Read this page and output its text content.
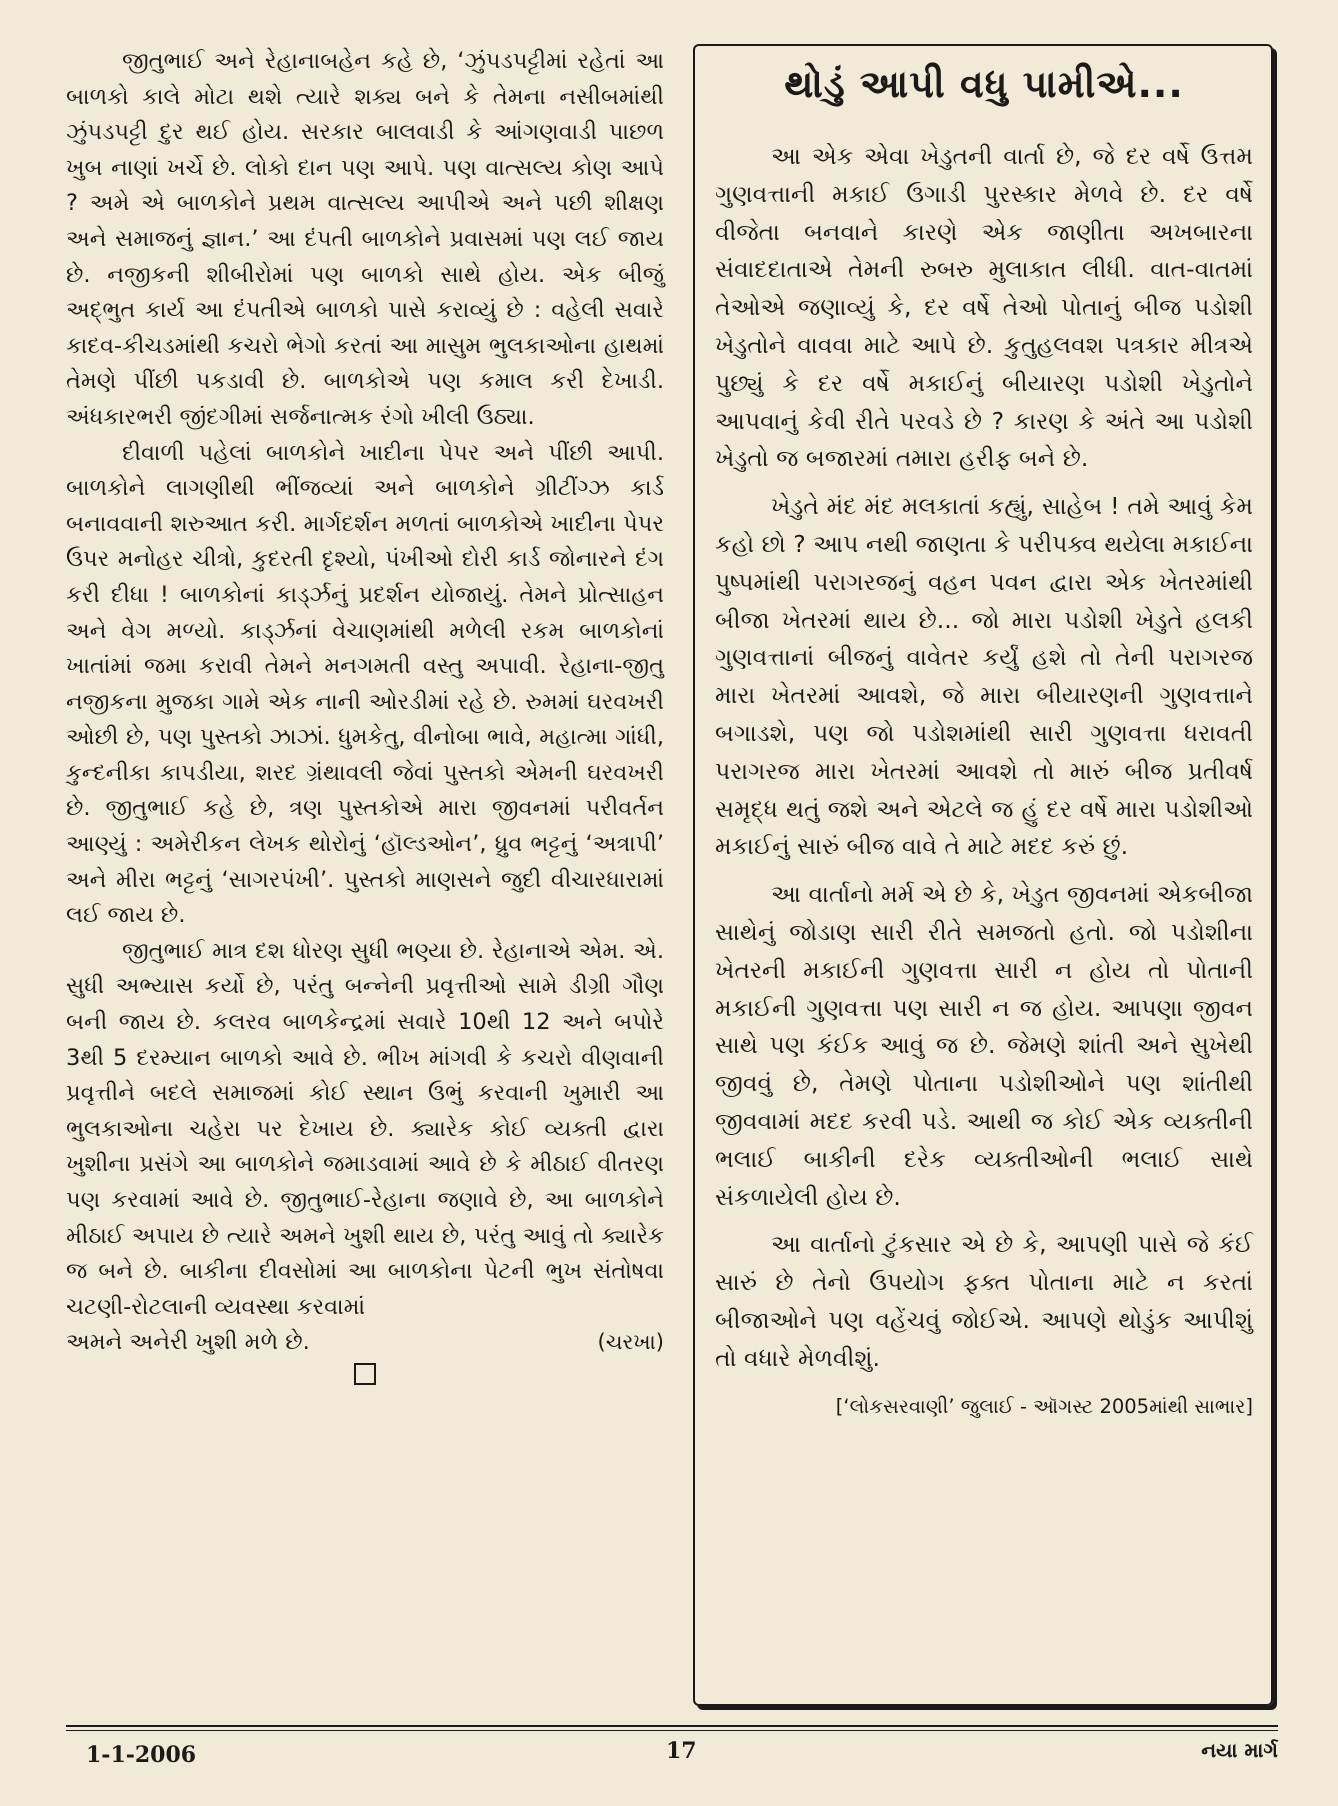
જીતુભાઈ અને રેહાનાબહેન કહે છે, ‘ઝુંપડપટ્ટીમાં રહેતાં આ બાળકો કાલે મોટા થશે ત્યારે શક્ય બને કે તેમના નસીબમાંથી ઝુંપડપટ્ટી દુર થઈ હોય. સરકાર બાલવાડી કે આંગણવાડી પાછળ ખુબ નાણાં ખર્ચે છે. લોકો દાન પણ આપે. પણ વાત્સલ્ય કોણ આપે ? અમે એ બાળકોને પ્રથમ વાત્સલ્ય આપીએ અને પછી શીક્ષણ અને સમાજનું જ્ઞાન.’ આ દંપતી બાળકોને પ્રવાસમાં પણ લઈ જાય છે. નજીકની શીબીરોમાં પણ બાળકો સાથે હોય. એક બીજું અદ્ભુત કાર્ય આ દંપતીએ બાળકો પાસે કરાવ્યું છે : વહેલી સવારે કાદવ-કીચડમાંથી કચરો ભેગો કરતાં આ માસુમ ભુલકાઓના હાથમાં તેમણે પીંછી પકડાવી છે. બાળકોએ પણ કમાલ કરી દેખાડી. અંધકારભરી જીંદગીમાં સર્જનાત્મક રંગો ખીલી ઉઠ્યા.

દીવાળી પહેલાં બાળકોને ખાદીના પેપર અને પીંછી આપી. બાળકોને લાગણીથી ભીંજવ્યાં અને બાળકોને ગ્રીટીંગ્ઝ કાર્ડ બનાવવાની શરુઆત કરી. માર્ગદર્શન મળતાં બાળકોએ ખાદીના પેપર ઉપર મનોહર ચીત્રો, કુદરતી દૃશ્યો, પંખીઓ દોરી કાર્ડ જોનારને દંગ કરી દીધા ! બાળકોનાં કાર્ડ્ઝનું પ્રદર્શન યોજાયું. તેમને પ્રોત્સાહન અને વેગ મળ્યો. કાર્ડ્ઝનાં વેચાણમાંથી મળેલી રકમ બાળકોનાં ખાતાંમાં જમા કરાવી તેમને મનગમતી વસ્તુ અપાવી. રેહાના-જીતુ નજીકના મુજકા ગામે એક નાની ઓરડીમાં રહે છે. રુમમાં ઘરવખરી ઓછી છે, પણ પુસ્તકો ઝાઝાં. ધુમકેતુ, વીનોબા ભાવે, મહાત્મા ગાંધી, કુન્દનીકા કાપડીયા, શરદ ગ્રંથાવલી જેવાં પુસ્તકો એમની ઘરવખરી છે. જીતુભાઈ કહે છે, ત્રણ પુસ્તકોએ મારા જીવનમાં પરીવર્તન આણ્યું : અમેરીકન લેખક થોરોનું ‘હૉલ્ડઓન’, ધ્રુવ ભટ્ટનું ‘અત્રાપી’ અને મીરા ભટ્ટનું ‘સાગરપંખી’. પુસ્તકો માણસને જુદી વીચારધારામાં લઈ જાય છે.

જીતુભાઈ માત્ર દશ ધોરણ સુધી ભણ્યા છે. રેહાનાએ એમ. એ. સુધી અભ્યાસ કર્યો છે, પરંતુ બન્નેની પ્રવૃત્તીઓ સામે ડીગ્રી ગૌણ બની જાય છે. કલરવ બાળકેન્દ્રમાં સવારે 10થી 12 અને બપોરે 3થી 5 દરમ્યાન બાળકો આવે છે. ભીખ માંગવી કે કચરો વીણવાની પ્રવૃત્તીને બદલે સમાજમાં કોઈ સ્થાન ઉભું કરવાની ખુમારી આ ભુલકાઓના ચહેરા પર દેખાય છે. ક્યારેક કોઈ વ્યક્તી દ્વારા ખુશીના પ્રસંગે આ બાળકોને જમાડવામાં આવે છે કે મીઠાઈ વીતરણ પણ કરવામાં આવે છે. જીતુભાઈ-રેહાના જણાવે છે, આ બાળકોને મીઠાઈ અપાય છે ત્યારે અમને ખુશી થાય છે, પરંતુ આવું તો ક્યારેક જ બને છે. બાકીના દીવસોમાં આ બાળકોના પેટની ભુખ સંતોષવા ચટણી-રોટલાની વ્યવસ્થા કરવામાં

અમને અનેરી ખુશી મળે છે.	(ચરખા)
થોડું આપી વધુ પામીએ...

આ એક એવા ખેડુતની વાર્તા છે, જે દર વર્ષે ઉત્તમ ગુણવત્તાની મકાઈ ઉગાડી પુરસ્કાર મેળવે છે. દર વર્ષે વીજેતા બનવાને કારણે એક જાણીતા અખબારના સંવાદદાતાએ તેમની રુબરુ મુલાકાત લીધી. વાત-વાતમાં તેઓએ જણાવ્યું કે, દર વર્ષે તેઓ પોતાનું બીજ પડોશી ખેડુતોને વાવવા માટે આપે છે. કુતુહલવશ પત્રકાર મીત્રએ પુછ્યું કે દર વર્ષે મકાઈનું બીયારણ પડોશી ખેડુતોને આપવાનું કેવી રીતે પરવડે છે ? કારણ કે અંતે આ પડોશી ખેડુતો જ બજારમાં તમારા હરીફ બને છે.

ખેડુતે મંદ મંદ મલકાતાં કહ્યું, સાહેબ ! તમે આવું કેમ કહો છો ? આપ નથી જાણતા કે પરીપક્વ થયેલા મકાઈના પુષ્પમાંથી પરાગરજનું વહન પવન દ્વારા એક ખેતરમાંથી બીજા ખેતરમાં થાય છે... જો મારા પડોશી ખેડુતે હલકી ગુણવત્તાનાં બીજનું વાવેતર કર્યું હશે તો તેની પરાગરજ મારા ખેતરમાં આવશે, જે મારા બીયારણની ગુણવત્તાને બગાડશે, પણ જો પડોશમાંથી સારી ગુણવત્તા ધરાવતી પરાગરજ મારા ખેતરમાં આવશે તો મારું બીજ પ્રતીવર્ષ સમૃદ્ધ થતું જશે અને એટલે જ હું દર વર્ષે મારા પડોશીઓ મકાઈનું સારું બીજ વાવે તે માટે મદદ કરું છું.

આ વાર્તાનો મર્મ એ છે કે, ખેડુત જીવનમાં એકબીજા સાથેનું જોડાણ સારી રીતે સમજતો હતો. જો પડોશીના ખેતરની મકાઈની ગુણવત્તા સારી ન હોય તો પોતાની મકાઈની ગુણવત્તા પણ સારી ન જ હોય. આપણા જીવન સાથે પણ કંઈક આવું જ છે. જેમણે શાંતી અને સુખેથી જીવવું છે, તેમણે પોતાના પડોશીઓને પણ શાંતીથી જીવવામાં મદદ કરવી પડે. આથી જ કોઈ એક વ્યક્તીની ભલાઈ બાકીની દરેક વ્યક્તીઓની ભલાઈ સાથે સંકળાયેલી હોય છે.

આ વાર્તાનો ટુંકસાર એ છે કે, આપણી પાસે જે કંઈ સારું છે તેનો ઉપયોગ ફક્ત પોતાના માટે ન કરતાં બીજાઓને પણ વહેંચવું જોઈએ. આપણે થોડુંક આપીશું તો વધારે મેળવીશું.

[‘લોકસરવાણી’ જુલાઈ - ઑગસ્ટ 2005માંથી સાભાર]
1-1-2006	17	નયા માર્ગ
